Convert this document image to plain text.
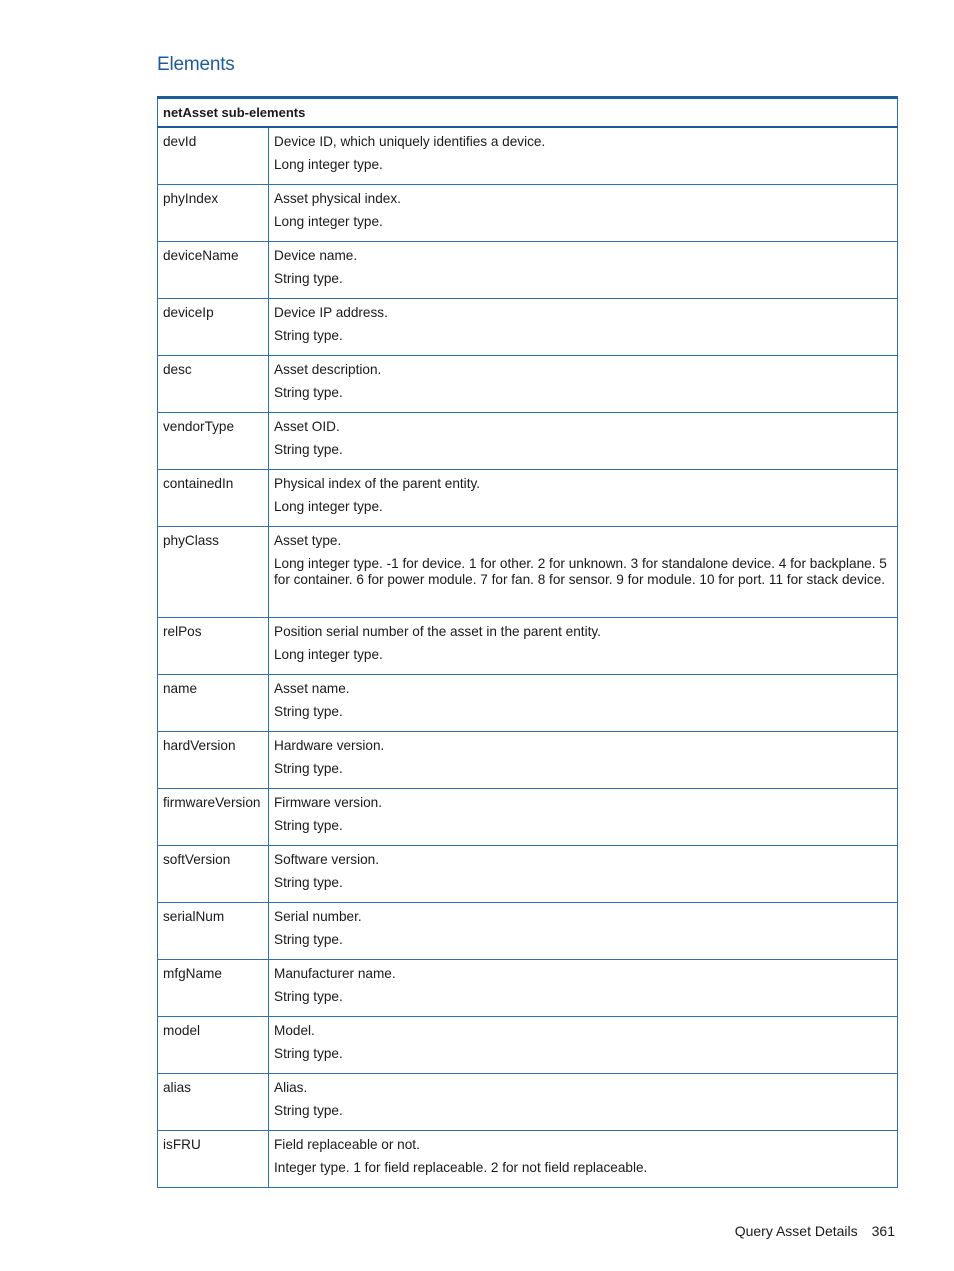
Elements
netAsset sub-elements	
devId	Device ID, which uniquely identifies a device.
Long integer type.

phyIndex	Asset physical index.
Long integer type.

deviceName	Device name.
String type.

deviceIp	Device IP address.
String type.

desc	Asset description.
String type.

vendorType	Asset OID.
String type.

containedIn	Physical index of the parent entity.
Long integer type.

phyClass	Asset type.
Long integer type. -1 for device. 1 for other. 2 for unknown. 3 for standalone device. 4 for backplane. 5 for container. 6 for power module. 7 for fan. 8 for sensor. 9 for module. 10 for port. 11 for stack device.

relPos	Position serial number of the asset in the parent entity.
Long integer type.

name	Asset name.
String type.

hardVersion	Hardware version.
String type.

firmwareVersion	Firmware version.
String type.

softVersion	Software version.
String type.

serialNum	Serial number.
String type.

mfgName	Manufacturer name.
String type.

model	Model.
String type.

alias	Alias.
String type.

isFRU	Field replaceable or not.
Integer type. 1 for field replaceable. 2 for not field replaceable.
Query Asset Details 361
